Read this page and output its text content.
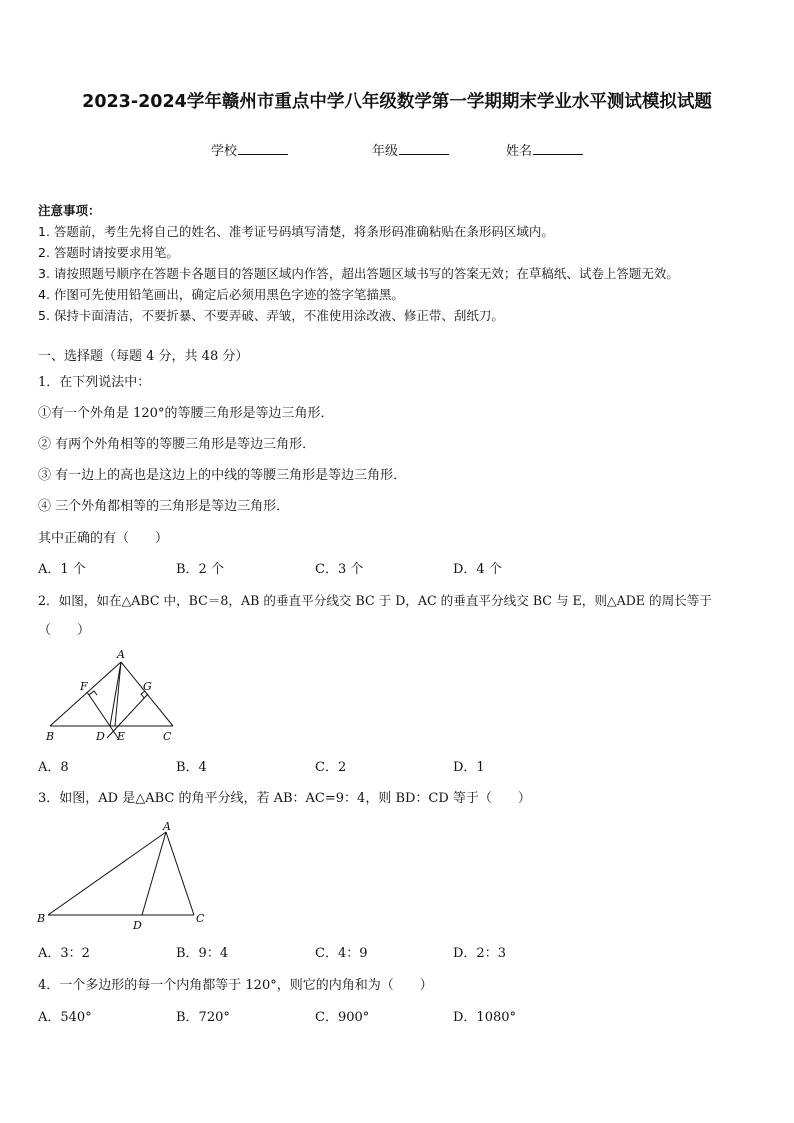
2023-2024学年赣州市重点中学八年级数学第一学期期末学业水平测试模拟试题
学校	年级	姓名
注意事项：
1. 答题前，考生先将自己的姓名、准考证号码填写清楚，将条形码准确粘贴在条形码区域内。
2. 答题时请按要求用笔。
3. 请按照题号顺序在答题卡各题目的答题区域内作答，超出答题区域书写的答案无效；在草稿纸、试卷上答题无效。
4. 作图可先使用铅笔画出，确定后必须用黑色字迹的签字笔描黑。
5. 保持卡面清洁，不要折暴、不要弄破、弄皱，不准使用涂改液、修正带、刮纸刀。
一、选择题（每题 4 分，共 48 分）
1．在下列说法中：
①有一个外角是 120°的等腰三角形是等边三角形．
② 有两个外角相等的等腰三角形是等边三角形．
③ 有一边上的高也是这边上的中线的等腰三角形是等边三角形．
④ 三个外角都相等的三角形是等边三角形．
其中正确的有（　　）
A．1 个	B．2 个	C．3 个	D．4 个
2．如图，如在△ABC 中，BC＝8，AB 的垂直平分线交 BC 于 D，AC 的垂直平分线交 BC 与 E，则△ADE 的周长等于
（　　）
A
F	G
B	D E	C
A．8	B．4	C．2	D．1
3．如图，AD 是△ABC 的角平分线，若 AB：AC=9：4，则 BD：CD 等于（　　）
A
B
D
C
A．3：2	B．9：4	C．4：9	D．2：3
4．一个多边形的每一个内角都等于 120°，则它的内角和为（　　）
A．540°	B．720°	C．900°	D．1080°
